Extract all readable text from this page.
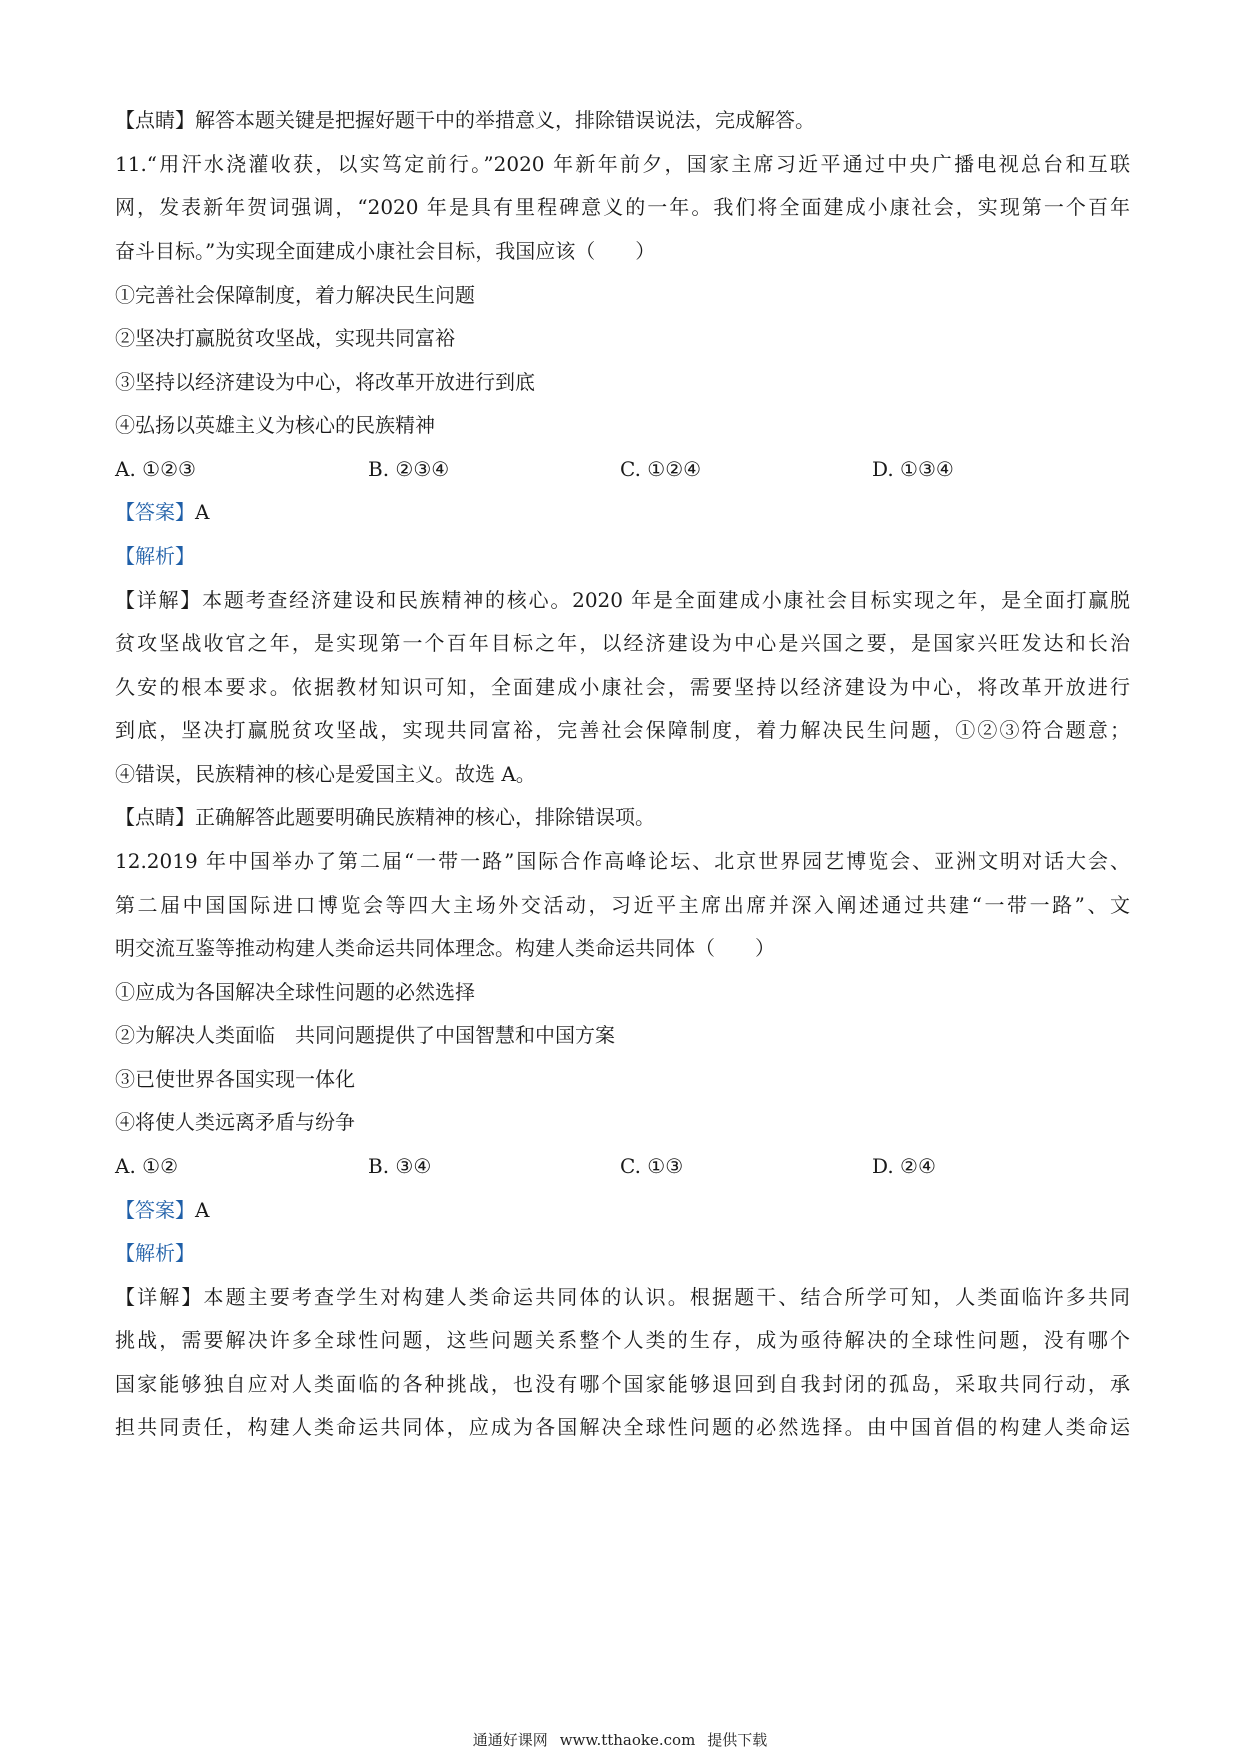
【点睛】解答本题关键是把握好题干中的举措意义，排除错误说法，完成解答。
11.“用汗水浇灌收获，以实笃定前行。”2020 年新年前夕，国家主席习近平通过中央广播电视总台和互联
网，发表新年贺词强调，“2020 年是具有里程碑意义的一年。我们将全面建成小康社会，实现第一个百年
奋斗目标。”为实现全面建成小康社会目标，我国应该（　　）
①完善社会保障制度，着力解决民生问题
②坚决打赢脱贫攻坚战，实现共同富裕
③坚持以经济建设为中心，将改革开放进行到底
④弘扬以英雄主义为核心的民族精神
A. ①②③	B. ②③④	C. ①②④	D. ①③④
【答案】A
【解析】
【详解】本题考查经济建设和民族精神的核心。2020 年是全面建成小康社会目标实现之年，是全面打赢脱
贫攻坚战收官之年，是实现第一个百年目标之年，以经济建设为中心是兴国之要，是国家兴旺发达和长治
久安的根本要求。依据教材知识可知，全面建成小康社会，需要坚持以经济建设为中心，将改革开放进行
到底，坚决打赢脱贫攻坚战，实现共同富裕，完善社会保障制度，着力解决民生问题，①②③符合题意；
④错误，民族精神的核心是爱国主义。故选 A。
【点睛】正确解答此题要明确民族精神的核心，排除错误项。
12.2019 年中国举办了第二届“一带一路”国际合作高峰论坛、北京世界园艺博览会、亚洲文明对话大会、
第二届中国国际进口博览会等四大主场外交活动，习近平主席出席并深入阐述通过共建“一带一路”、文
明交流互鉴等推动构建人类命运共同体理念。构建人类命运共同体（　　）
①应成为各国解决全球性问题的必然选择
②为解决人类面临　共同问题提供了中国智慧和中国方案
③已使世界各国实现一体化
④将使人类远离矛盾与纷争
A. ①②	B. ③④	C. ①③	D. ②④
【答案】A
【解析】
【详解】本题主要考查学生对构建人类命运共同体的认识。根据题干、结合所学可知，人类面临许多共同
挑战，需要解决许多全球性问题，这些问题关系整个人类的生存，成为亟待解决的全球性问题，没有哪个
国家能够独自应对人类面临的各种挑战，也没有哪个国家能够退回到自我封闭的孤岛，采取共同行动，承
担共同责任，构建人类命运共同体，应成为各国解决全球性问题的必然选择。由中国首倡的构建人类命运
通通好课网 www.tthaoke.com 提供下载
